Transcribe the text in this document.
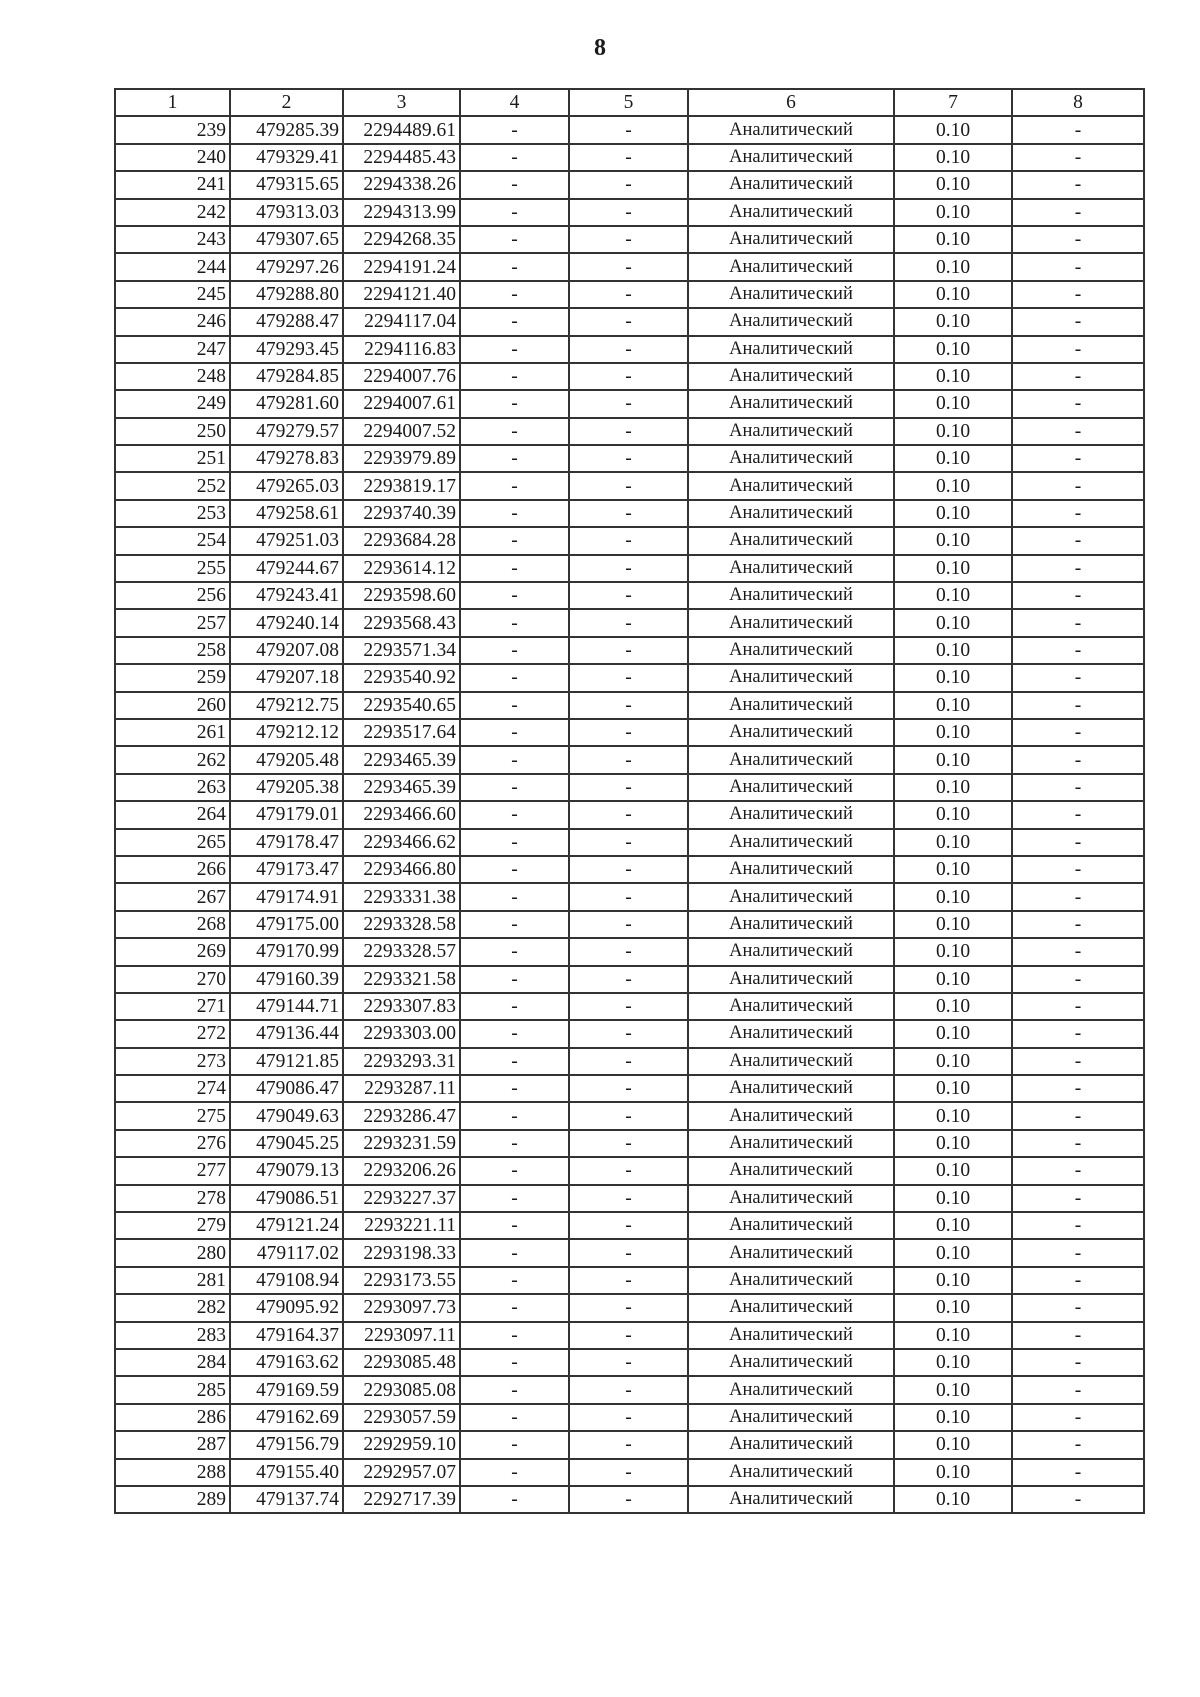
8
1	2	3	4	5	6	7	8
239	479285.39	2294489.61	-	-	Аналитический	0.10	-
240	479329.41	2294485.43	-	-	Аналитический	0.10	-
241	479315.65	2294338.26	-	-	Аналитический	0.10	-
242	479313.03	2294313.99	-	-	Аналитический	0.10	-
243	479307.65	2294268.35	-	-	Аналитический	0.10	-
244	479297.26	2294191.24	-	-	Аналитический	0.10	-
245	479288.80	2294121.40	-	-	Аналитический	0.10	-
246	479288.47	2294117.04	-	-	Аналитический	0.10	-
247	479293.45	2294116.83	-	-	Аналитический	0.10	-
248	479284.85	2294007.76	-	-	Аналитический	0.10	-
249	479281.60	2294007.61	-	-	Аналитический	0.10	-
250	479279.57	2294007.52	-	-	Аналитический	0.10	-
251	479278.83	2293979.89	-	-	Аналитический	0.10	-
252	479265.03	2293819.17	-	-	Аналитический	0.10	-
253	479258.61	2293740.39	-	-	Аналитический	0.10	-
254	479251.03	2293684.28	-	-	Аналитический	0.10	-
255	479244.67	2293614.12	-	-	Аналитический	0.10	-
256	479243.41	2293598.60	-	-	Аналитический	0.10	-
257	479240.14	2293568.43	-	-	Аналитический	0.10	-
258	479207.08	2293571.34	-	-	Аналитический	0.10	-
259	479207.18	2293540.92	-	-	Аналитический	0.10	-
260	479212.75	2293540.65	-	-	Аналитический	0.10	-
261	479212.12	2293517.64	-	-	Аналитический	0.10	-
262	479205.48	2293465.39	-	-	Аналитический	0.10	-
263	479205.38	2293465.39	-	-	Аналитический	0.10	-
264	479179.01	2293466.60	-	-	Аналитический	0.10	-
265	479178.47	2293466.62	-	-	Аналитический	0.10	-
266	479173.47	2293466.80	-	-	Аналитический	0.10	-
267	479174.91	2293331.38	-	-	Аналитический	0.10	-
268	479175.00	2293328.58	-	-	Аналитический	0.10	-
269	479170.99	2293328.57	-	-	Аналитический	0.10	-
270	479160.39	2293321.58	-	-	Аналитический	0.10	-
271	479144.71	2293307.83	-	-	Аналитический	0.10	-
272	479136.44	2293303.00	-	-	Аналитический	0.10	-
273	479121.85	2293293.31	-	-	Аналитический	0.10	-
274	479086.47	2293287.11	-	-	Аналитический	0.10	-
275	479049.63	2293286.47	-	-	Аналитический	0.10	-
276	479045.25	2293231.59	-	-	Аналитический	0.10	-
277	479079.13	2293206.26	-	-	Аналитический	0.10	-
278	479086.51	2293227.37	-	-	Аналитический	0.10	-
279	479121.24	2293221.11	-	-	Аналитический	0.10	-
280	479117.02	2293198.33	-	-	Аналитический	0.10	-
281	479108.94	2293173.55	-	-	Аналитический	0.10	-
282	479095.92	2293097.73	-	-	Аналитический	0.10	-
283	479164.37	2293097.11	-	-	Аналитический	0.10	-
284	479163.62	2293085.48	-	-	Аналитический	0.10	-
285	479169.59	2293085.08	-	-	Аналитический	0.10	-
286	479162.69	2293057.59	-	-	Аналитический	0.10	-
287	479156.79	2292959.10	-	-	Аналитический	0.10	-
288	479155.40	2292957.07	-	-	Аналитический	0.10	-
289	479137.74	2292717.39	-	-	Аналитический	0.10	-
